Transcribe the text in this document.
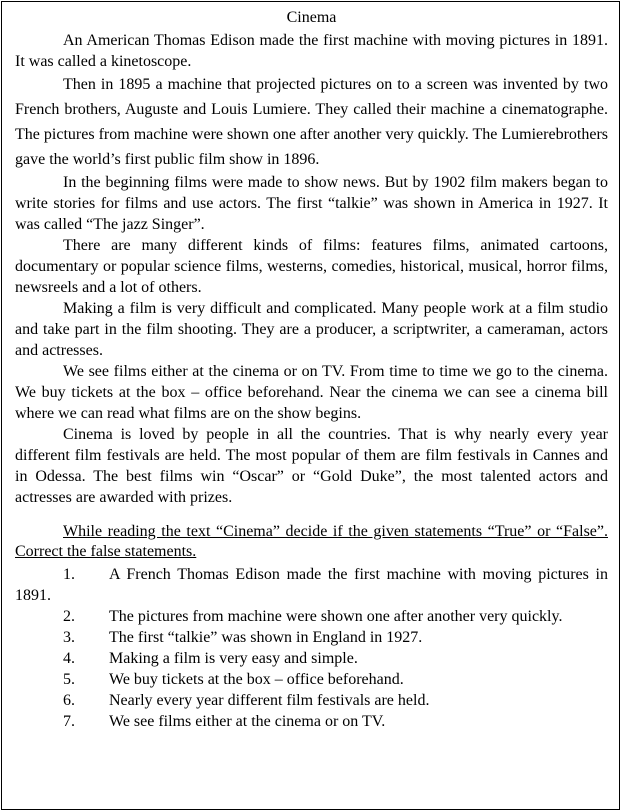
Cinema

An American Thomas Edison made the first machine with moving pictures in 1891. It was called a kinetoscope.

Then in 1895 a machine that projected pictures on to a screen was invented by two French brothers, Auguste and Louis Lumiere. They called their machine a cinematographe. The pictures from machine were shown one after another very quickly. The Lumierebrothers gave the world’s first public film show in 1896.

In the beginning films were made to show news. But by 1902 film makers began to write stories for films and use actors. The first “talkie” was shown in America in 1927. It was called “The jazz Singer”.

There are many different kinds of films: features films, animated cartoons, documentary or popular science films, westerns, comedies, historical, musical, horror films, newsreels and a lot of others.

Making a film is very difficult and complicated. Many people work at a film studio and take part in the film shooting. They are a producer, a scriptwriter, a cameraman, actors and actresses.

We see films either at the cinema or on TV. From time to time we go to the cinema. We buy tickets at the box – office beforehand. Near the cinema we can see a cinema bill where we can read what films are on the show begins.

Cinema is loved by people in all the countries. That is why nearly every year different film festivals are held. The most popular of them are film festivals in Cannes and in Odessa. The best films win “Oscar” or “Gold Duke”, the most talented actors and actresses are awarded with prizes.

While reading the text “Cinema” decide if the given statements “True” or “False”. Correct the false statements.

1. A French Thomas Edison made the first machine with moving pictures in 1891.
2. The pictures from machine were shown one after another very quickly.
3. The first “talkie” was shown in England in 1927.
4. Making a film is very easy and simple.
5. We buy tickets at the box – office beforehand.
6. Nearly every year different film festivals are held.
7. We see films either at the cinema or on TV.
